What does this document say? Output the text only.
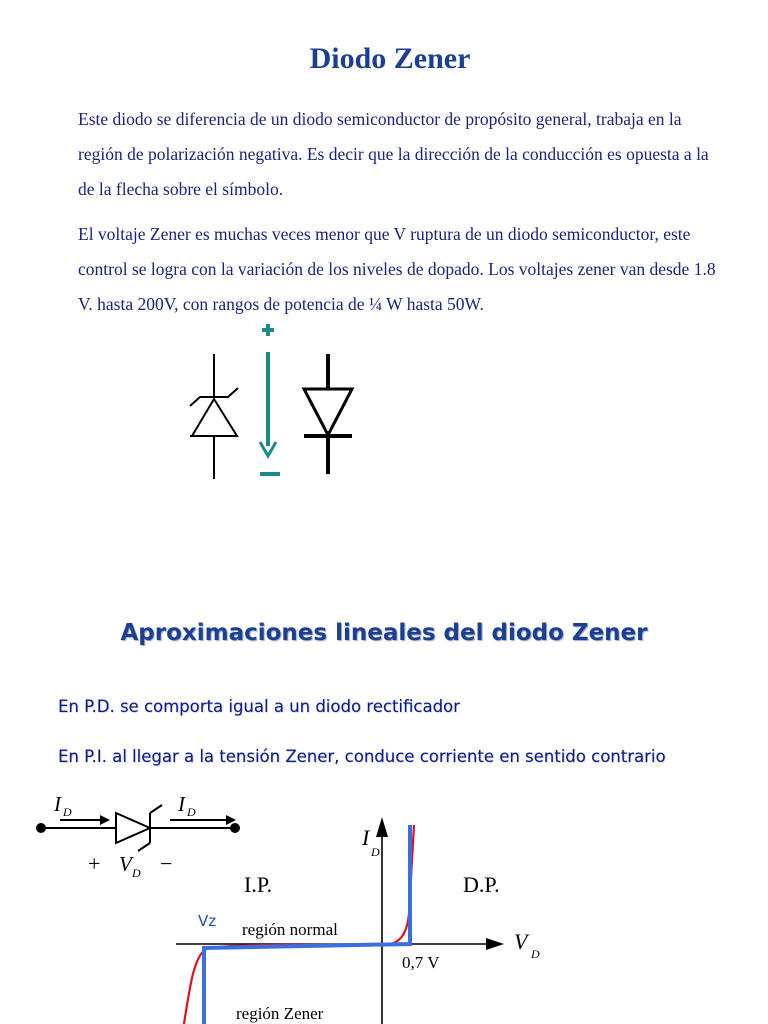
Diodo Zener

Este diodo se diferencia de un diodo semiconductor de propósito general, trabaja en la región de polarización negativa. Es decir que la dirección de la conducción es opuesta a la de la flecha sobre el símbolo.

El voltaje Zener es muchas veces menor que V ruptura de un diodo semiconductor, este control se logra con la variación de los niveles de dopado. Los voltajes zener van desde 1.8 V. hasta 200V, con rangos de potencia de ¼ W hasta 50W.

Aproximaciones lineales del diodo Zener
En P.D. se comporta igual a un diodo rectificador
En P.I. al llegar a la tensión Zener, conduce corriente en sentido contrario
I D	I D
+ V D −
I
D
V D
I.P.	D.P.
Vz región normal
región Zener
0,7 V
